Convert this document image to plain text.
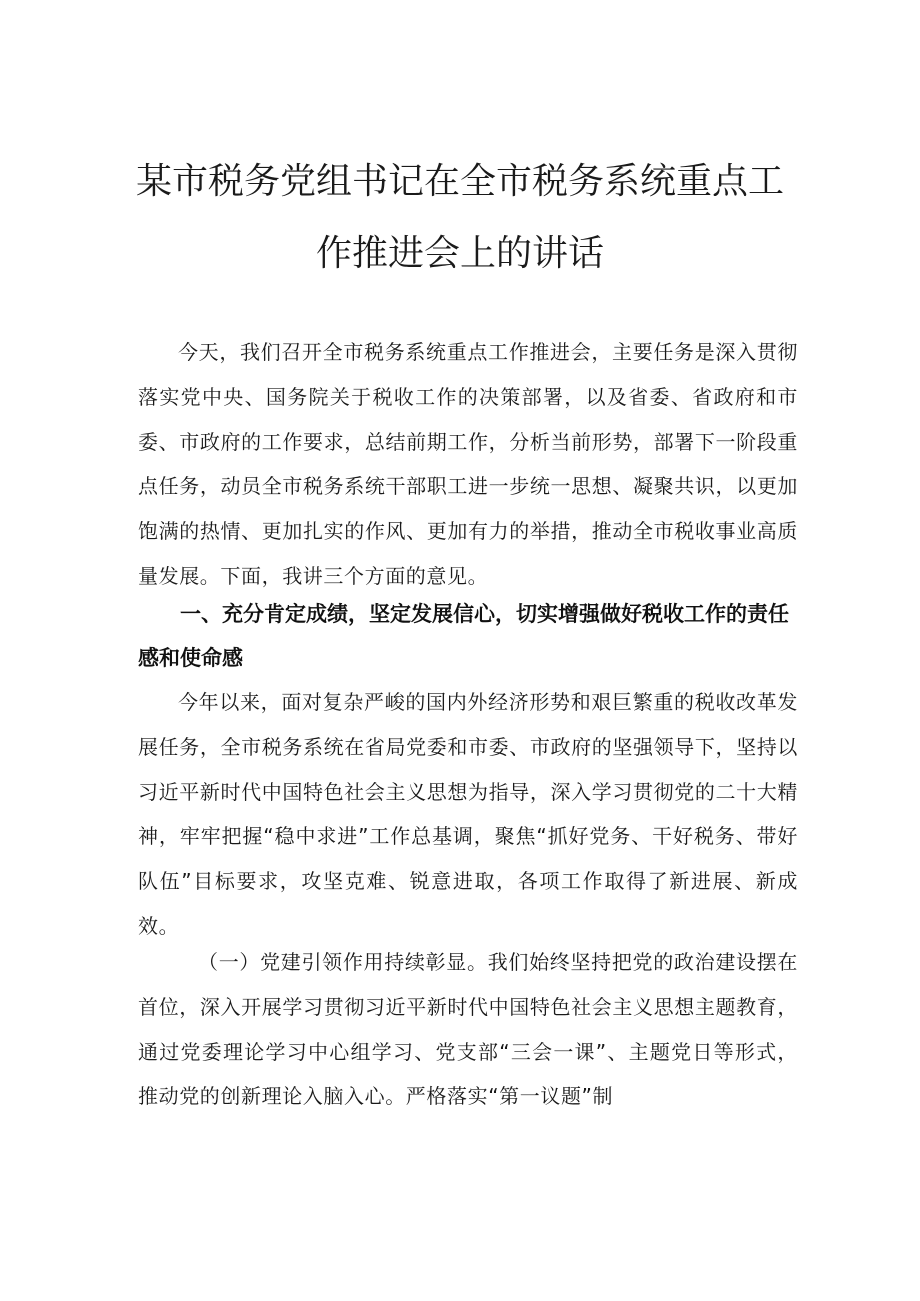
某市税务党组书记在全市税务系统重点工
作推进会上的讲话

今天，我们召开全市税务系统重点工作推进会，主要任务是深入贯彻落实党中央、国务院关于税收工作的决策部署，以及省委、省政府和市委、市政府的工作要求，总结前期工作，分析当前形势，部署下一阶段重点任务，动员全市税务系统干部职工进一步统一思想、凝聚共识，以更加饱满的热情、更加扎实的作风、更加有力的举措，推动全市税收事业高质量发展。下面，我讲三个方面的意见。

一、充分肯定成绩，坚定发展信心，切实增强做好税收工作的责任感和使命感

今年以来，面对复杂严峻的国内外经济形势和艰巨繁重的税收改革发展任务，全市税务系统在省局党委和市委、市政府的坚强领导下，坚持以习近平新时代中国特色社会主义思想为指导，深入学习贯彻党的二十大精神，牢牢把握“稳中求进”工作总基调，聚焦“抓好党务、干好税务、带好队伍”目标要求，攻坚克难、锐意进取，各项工作取得了新进展、新成效。

（一）党建引领作用持续彰显。我们始终坚持把党的政治建设摆在首位，深入开展学习贯彻习近平新时代中国特色社会主义思想主题教育，通过党委理论学习中心组学习、党支部“三会一课”、主题党日等形式，推动党的创新理论入脑入心。严格落实“第一议题”制
